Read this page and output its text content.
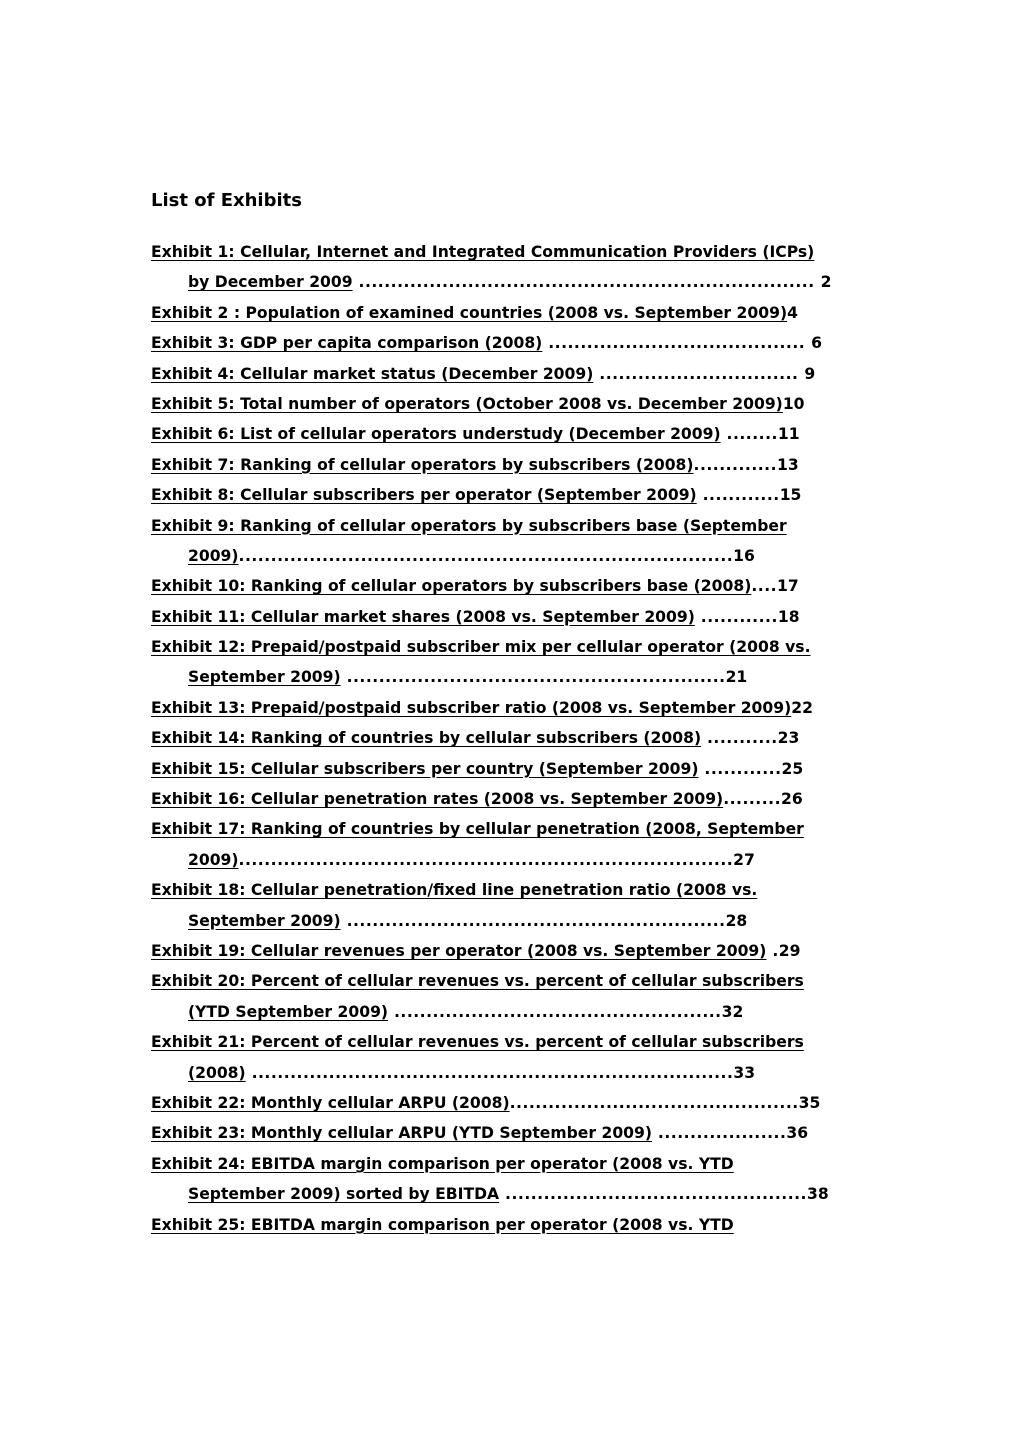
List of Exhibits
Exhibit 1: Cellular, Internet and Integrated Communication Providers (ICPs)
by December 2009 ....................................................................... 2
Exhibit 2 : Population of examined countries (2008 vs. September 2009)4
Exhibit 3: GDP per capita comparison (2008) ........................................ 6
Exhibit 4: Cellular market status (December 2009) ............................... 9
Exhibit 5: Total number of operators (October 2008 vs. December 2009)10
Exhibit 6: List of cellular operators understudy (December 2009) ........11
Exhibit 7: Ranking of cellular operators by subscribers (2008).............13
Exhibit 8: Cellular subscribers per operator (September 2009) ............15
Exhibit 9: Ranking of cellular operators by subscribers base (September
2009).............................................................................16
Exhibit 10: Ranking of cellular operators by subscribers base (2008)....17
Exhibit 11: Cellular market shares (2008 vs. September 2009) ............18
Exhibit 12: Prepaid/postpaid subscriber mix per cellular operator (2008 vs.
September 2009) ...........................................................21
Exhibit 13: Prepaid/postpaid subscriber ratio (2008 vs. September 2009)22
Exhibit 14: Ranking of countries by cellular subscribers (2008) ...........23
Exhibit 15: Cellular subscribers per country (September 2009) ............25
Exhibit 16: Cellular penetration rates (2008 vs. September 2009).........26
Exhibit 17: Ranking of countries by cellular penetration (2008, September
2009).............................................................................27
Exhibit 18: Cellular penetration/fixed line penetration ratio (2008 vs.
September 2009) ...........................................................28
Exhibit 19: Cellular revenues per operator (2008 vs. September 2009) .29
Exhibit 20: Percent of cellular revenues vs. percent of cellular subscribers
(YTD September 2009) ...................................................32
Exhibit 21: Percent of cellular revenues vs. percent of cellular subscribers
(2008) ...........................................................................33
Exhibit 22: Monthly cellular ARPU (2008).............................................35
Exhibit 23: Monthly cellular ARPU (YTD September 2009) ....................36
Exhibit 24: EBITDA margin comparison per operator (2008 vs. YTD
September 2009) sorted by EBITDA ...............................................38
Exhibit 25: EBITDA margin comparison per operator (2008 vs. YTD
